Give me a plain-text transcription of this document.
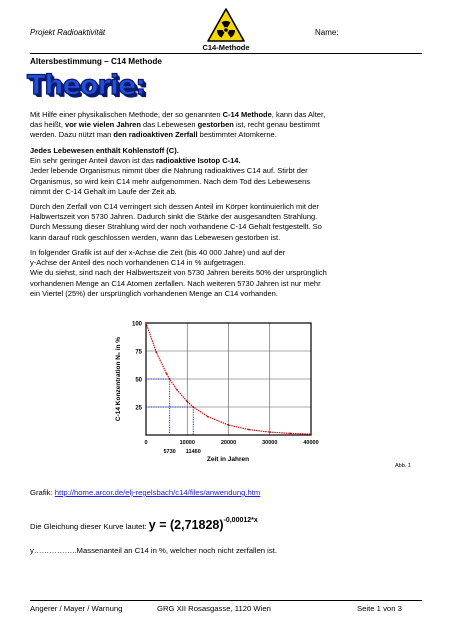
Projekt Radioaktivität	Name:
C14-Methode
Altersbestimmung – C14 Methode
Theorie:
Mit Hilfe einer physikalischen Methode, der so genannten C-14 Methode, kann das Alter,
das heißt, vor wie vielen Jahren das Lebewesen gestorben ist, recht genau bestimmt
werden. Dazu nützt man den radioaktiven Zerfall bestimmter Atomkerne.
Jedes Lebewesen enthält Kohlenstoff (C).
Ein sehr geringer Anteil davon ist das radioaktive Isotop C-14.
Jeder lebende Organismus nimmt über die Nahrung radioaktives C14 auf. Stirbt der
Organismus, so wird kein C14 mehr aufgenommen. Nach dem Tod des Lebewesens
nimmt der C-14 Gehalt im Laufe der Zeit ab.
Durch den Zerfall von C14 verringert sich dessen Anteil im Körper kontinuierlich mit der
Halbwertszeit von 5730 Jahren. Dadurch sinkt die Stärke der ausgesandten Strahlung.
Durch Messung dieser Strahlung wird der noch vorhandene C-14 Gehalt festgestellt. So
kann darauf rück geschlossen werden, wann das Lebewesen gestorben ist.
In folgender Grafik ist auf der x-Achse die Zeit (bis 40 000 Jahre) und auf der
y-Achse der Anteil des noch vorhandenen C14 in % aufgetragen.
Wie du siehst, sind nach der Halbwertszeit von 5730 Jahren bereits 50% der ursprünglich
vorhandenen Menge an C14 Atomen zerfallen. Nach weiteren 5730 Jahren ist nur mehr
ein Viertel (25%) der ursprünglich vorhandenen Menge an C14 vorhanden.
25
50
75
100
0	10000	20000	30000	40000
5730 11460
C-14 Konzentration N₀ in %
Zeit in Jahren
Abb. 1
Grafik: http://home.arcor.de/elj-regelsbach/c14/files/anwendung.htm
Die Gleichung dieser Kurve lautet: y = (2,71828)-0,00012*x
y……………..Massenanteil an C14 in %, welcher noch nicht zerfallen ist.
Angerer / Mayer / Warnung	GRG XII Rosasgasse, 1120 Wien	Seite 1 von 3
